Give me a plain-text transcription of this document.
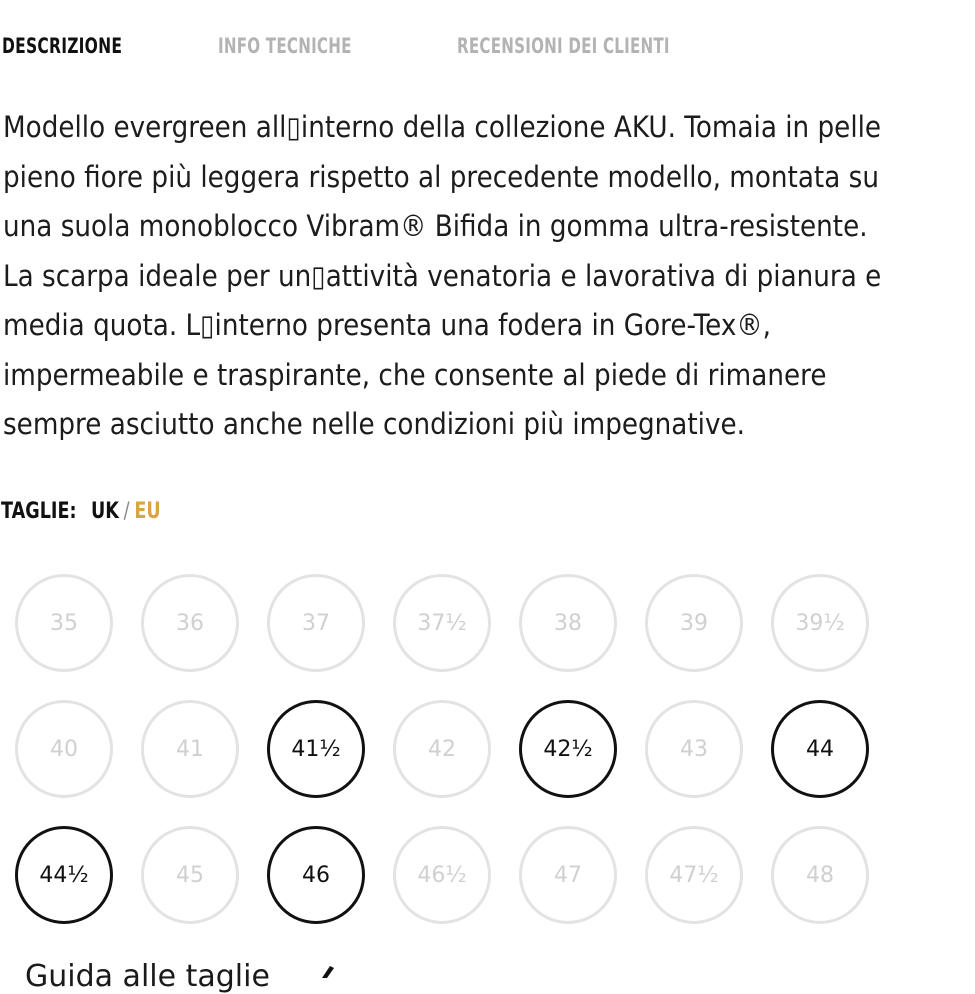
DESCRIZIONE	INFO TECNICHE	RECENSIONI DEI CLIENTI
Modello evergreen all▯​interno della collezione AKU. Tomaia in pelle
pieno fiore più leggera rispetto al precedente modello, montata su
una suola monoblocco Vibram® Bifida in gomma ultra-resistente.
La scarpa ideale per un▯​attività venatoria e lavorativa di pianura e
media quota. L▯​interno presenta una fodera in Gore-Tex®,
impermeabile e traspirante, che consente al piede di rimanere
sempre asciutto anche nelle condizioni più impegnative.
TAGLIE: UK / EU
35	36	37	37½	38	39	39½
40	41	41½	42	42½	43	44
44½	45	46	46½	47	47½	48
Guida alle taglie
